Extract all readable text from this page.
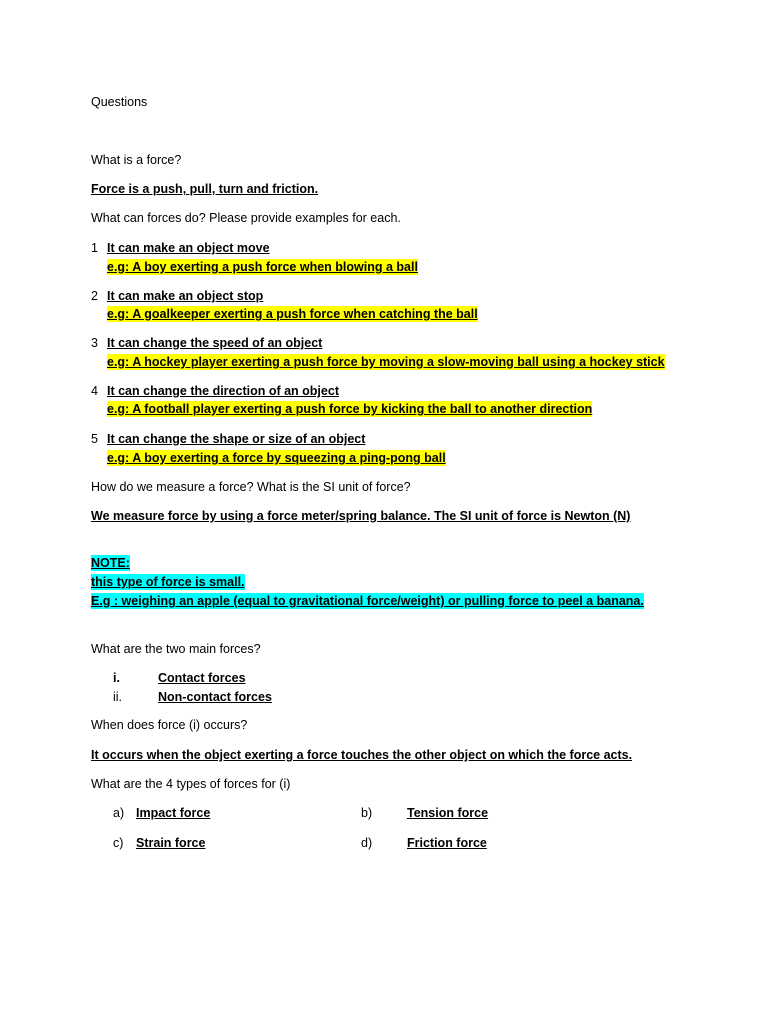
Questions
What is a force?
Force is a push, pull, turn and friction.
What can forces do? Please provide examples for each.
1 It can make an object move
e.g: A boy exerting a push force when blowing a ball
2 It can make an object stop
e.g: A goalkeeper exerting a push force when catching the ball
3 It can change the speed of an object
e.g: A hockey player exerting a push force by moving a slow-moving ball using a hockey stick
4 It can change the direction of an object
e.g: A football player exerting a push force by kicking the ball to another direction
5 It can change the shape or size of an object
e.g: A boy exerting a force by squeezing a ping-pong ball
How do we measure a force? What is the SI unit of force?
We measure force by using a force meter/spring balance. The SI unit of force is Newton (N)
NOTE:
this type of force is small.
E.g : weighing an apple (equal to gravitational force/weight) or pulling force to peel a banana.
What are the two main forces?
i.	Contact forces
ii.	Non-contact forces
When does force (i) occurs?
It occurs when the object exerting a force touches the other object on which the force acts.
What are the 4 types of forces for (i)
a) Impact force	b)	Tension force
c) Strain force	d)	Friction force
